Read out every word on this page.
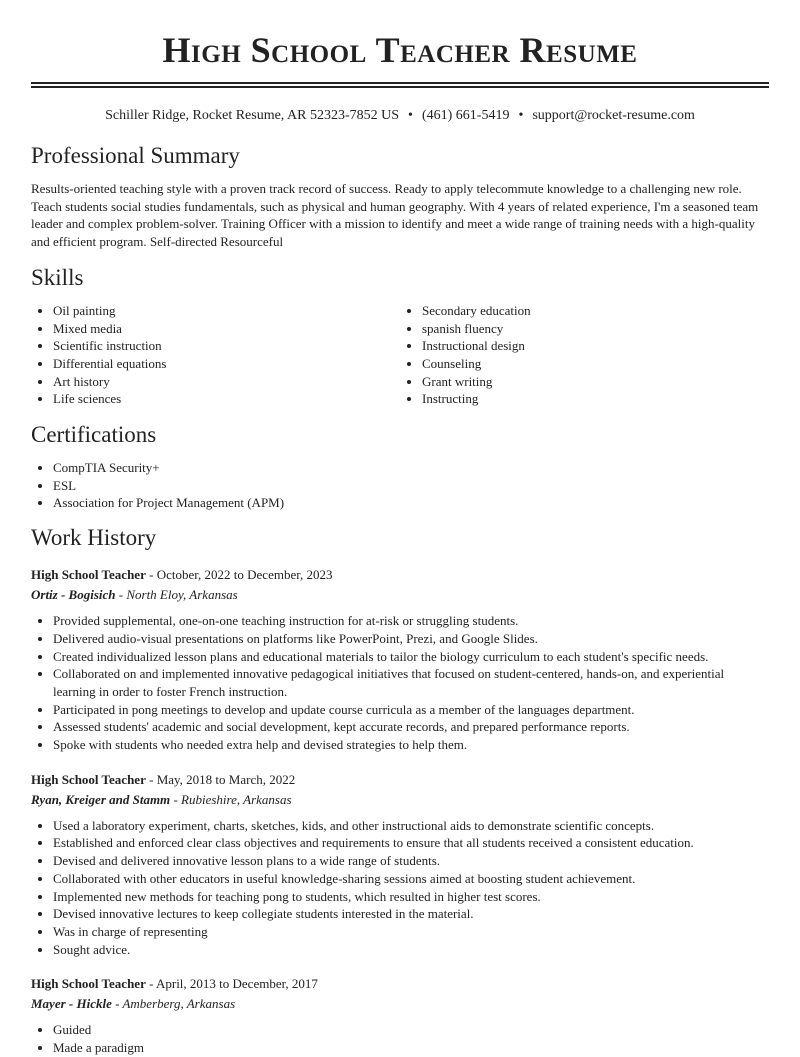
High School Teacher Resume
Schiller Ridge, Rocket Resume, AR 52323-7852 US • (461) 661-5419 • support@rocket-resume.com
Professional Summary
Results-oriented teaching style with a proven track record of success. Ready to apply telecommute knowledge to a challenging new role. Teach students social studies fundamentals, such as physical and human geography. With 4 years of related experience, I'm a seasoned team leader and complex problem-solver. Training Officer with a mission to identify and meet a wide range of training needs with a high-quality and efficient program. Self-directed Resourceful
Skills
• Oil painting
• Mixed media
• Scientific instruction
• Differential equations
• Art history
• Life sciences
• Secondary education
• spanish fluency
• Instructional design
• Counseling
• Grant writing
• Instructing
Certifications
• CompTIA Security+
• ESL
• Association for Project Management (APM)
Work History
High School Teacher - October, 2022 to December, 2023
Ortiz - Bogisich - North Eloy, Arkansas
• Provided supplemental, one-on-one teaching instruction for at-risk or struggling students.
• Delivered audio-visual presentations on platforms like PowerPoint, Prezi, and Google Slides.
• Created individualized lesson plans and educational materials to tailor the biology curriculum to each student's specific needs.
• Collaborated on and implemented innovative pedagogical initiatives that focused on student-centered, hands-on, and experiential learning in order to foster French instruction.
• Participated in pong meetings to develop and update course curricula as a member of the languages department.
• Assessed students' academic and social development, kept accurate records, and prepared performance reports.
• Spoke with students who needed extra help and devised strategies to help them.
High School Teacher - May, 2018 to March, 2022
Ryan, Kreiger and Stamm - Rubieshire, Arkansas
• Used a laboratory experiment, charts, sketches, kids, and other instructional aids to demonstrate scientific concepts.
• Established and enforced clear class objectives and requirements to ensure that all students received a consistent education.
• Devised and delivered innovative lesson plans to a wide range of students.
• Collaborated with other educators in useful knowledge-sharing sessions aimed at boosting student achievement.
• Implemented new methods for teaching pong to students, which resulted in higher test scores.
• Devised innovative lectures to keep collegiate students interested in the material.
• Was in charge of representing
• Sought advice.
High School Teacher - April, 2013 to December, 2017
Mayer - Hickle - Amberberg, Arkansas
• Guided
• Made a paradigm
